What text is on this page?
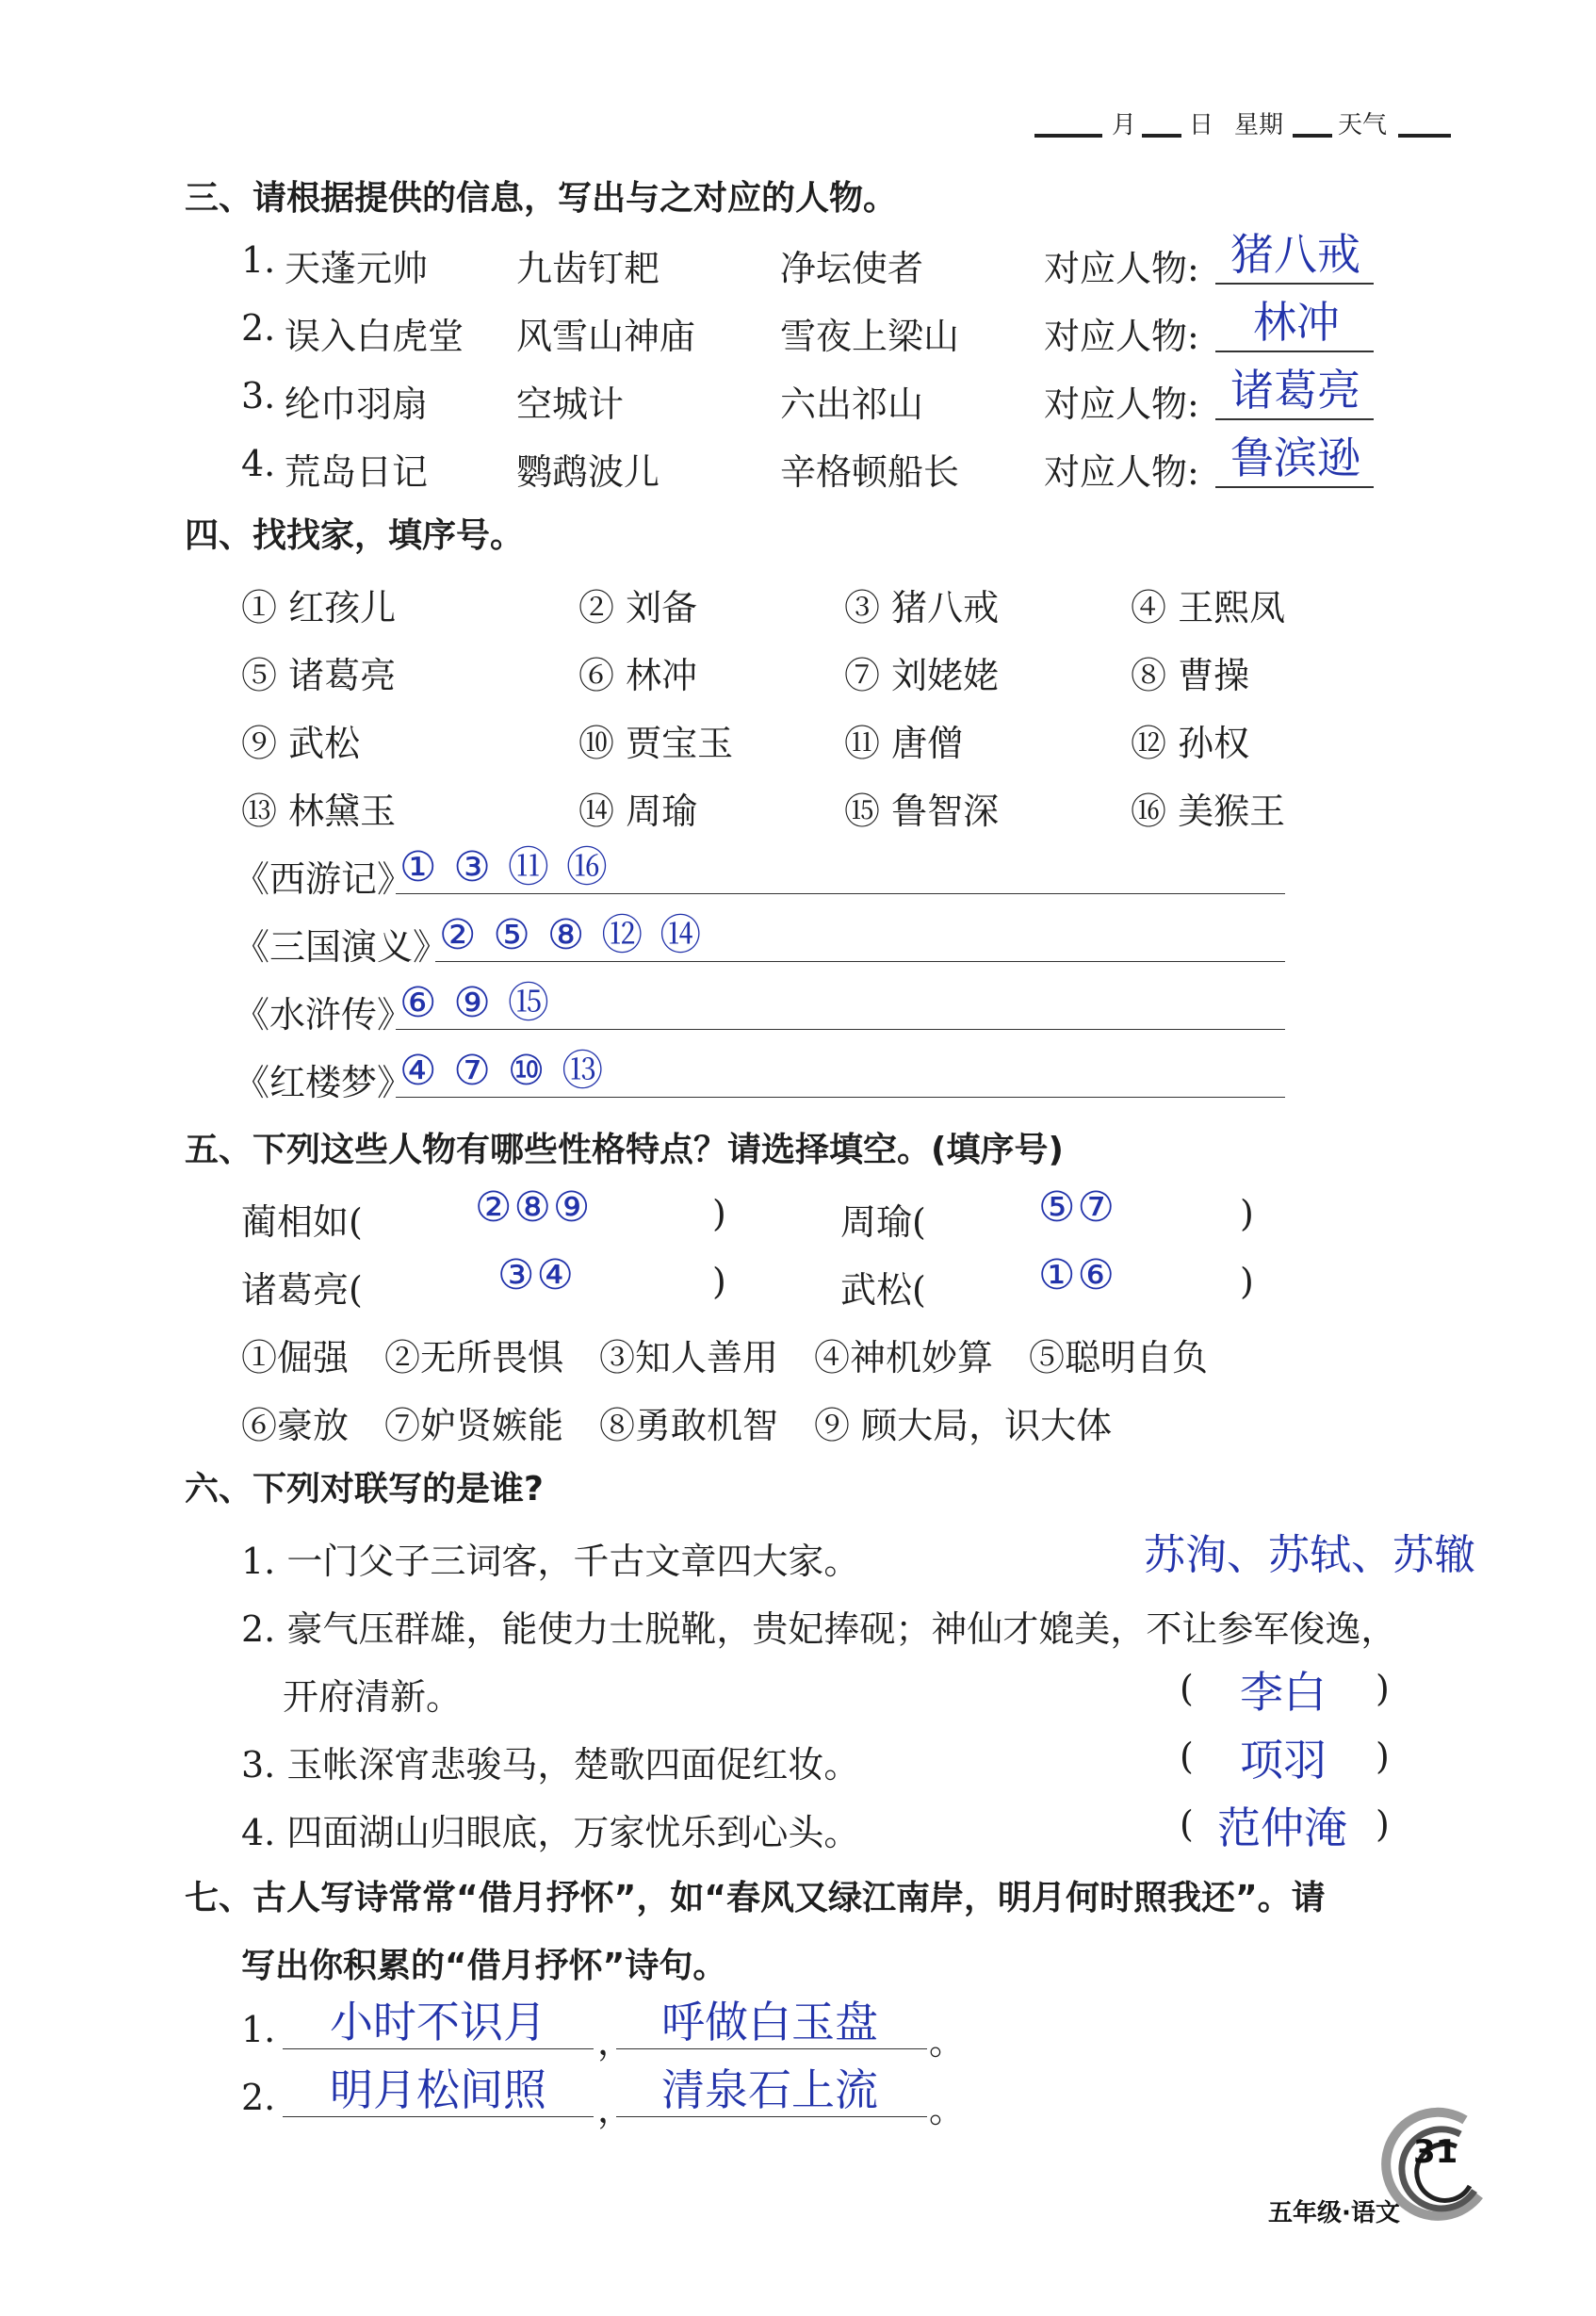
月 日 星期 天气
三、请根据提供的信息，写出与之对应的人物。
1. 天蓬元帅 九齿钉耙	净坛使者	对应人物: 猪八戒
2. 误入白虎堂 风雪山神庙 雪夜上梁山 对应人物: 林冲
3. 纶巾羽扇 空城计	六出祁山	对应人物: 诸葛亮
4. 荒岛日记 鹦鹉波儿	辛格顿船长 对应人物: 鲁滨逊
四、找找家，填序号。
① 红孩儿	② 刘备	③ 猪八戒	④ 王熙凤
⑤ 诸葛亮	⑥ 林冲	⑦ 刘姥姥	⑧ 曹操
⑨ 武松	⑩ 贾宝玉	⑪ 唐僧	⑫ 孙权
⑬ 林黛玉	⑭ 周瑜	⑮ 鲁智深	⑯ 美猴王
《西游记》
① ③ ⑪ ⑯
《三国演义》
② ⑤ ⑧ ⑫ ⑭
《水浒传》
⑥ ⑨ ⑮
《红楼梦》
④ ⑦ ⑩ ⑬
五、下列这些人物有哪些性格特点？请选择填空。(填序号)
蔺相如(	②⑧⑨	)	周瑜(	⑤⑦	)
诸葛亮(	③④	)	武松(	①⑥	)
①倔强　②无所畏惧　③知人善用　④神机妙算　⑤聪明自负
⑥豪放　⑦妒贤嫉能　⑧勇敢机智　⑨ 顾大局，识大体
六、下列对联写的是谁?
1. 一门父子三词客，千古文章四大家。	苏洵、苏轼、苏辙
2. 豪气压群雄，能使力士脱靴，贵妃捧砚；神仙才媲美，不让参军俊逸，
开府清新。	( 李白 )
3. 玉帐深宵悲骏马，楚歌四面促红妆。	( 项羽 )
4. 四面湖山归眼底，万家忧乐到心头。	( 范仲淹 )
七、古人写诗常常“借月抒怀”，如“春风又绿江南岸，明月何时照我还”。请
写出你积累的“借月抒怀”诗句。
1. 小时不识月 ， 呼做白玉盘 。
2. 明月松间照 ， 清泉石上流 。
31
五年级·语文
